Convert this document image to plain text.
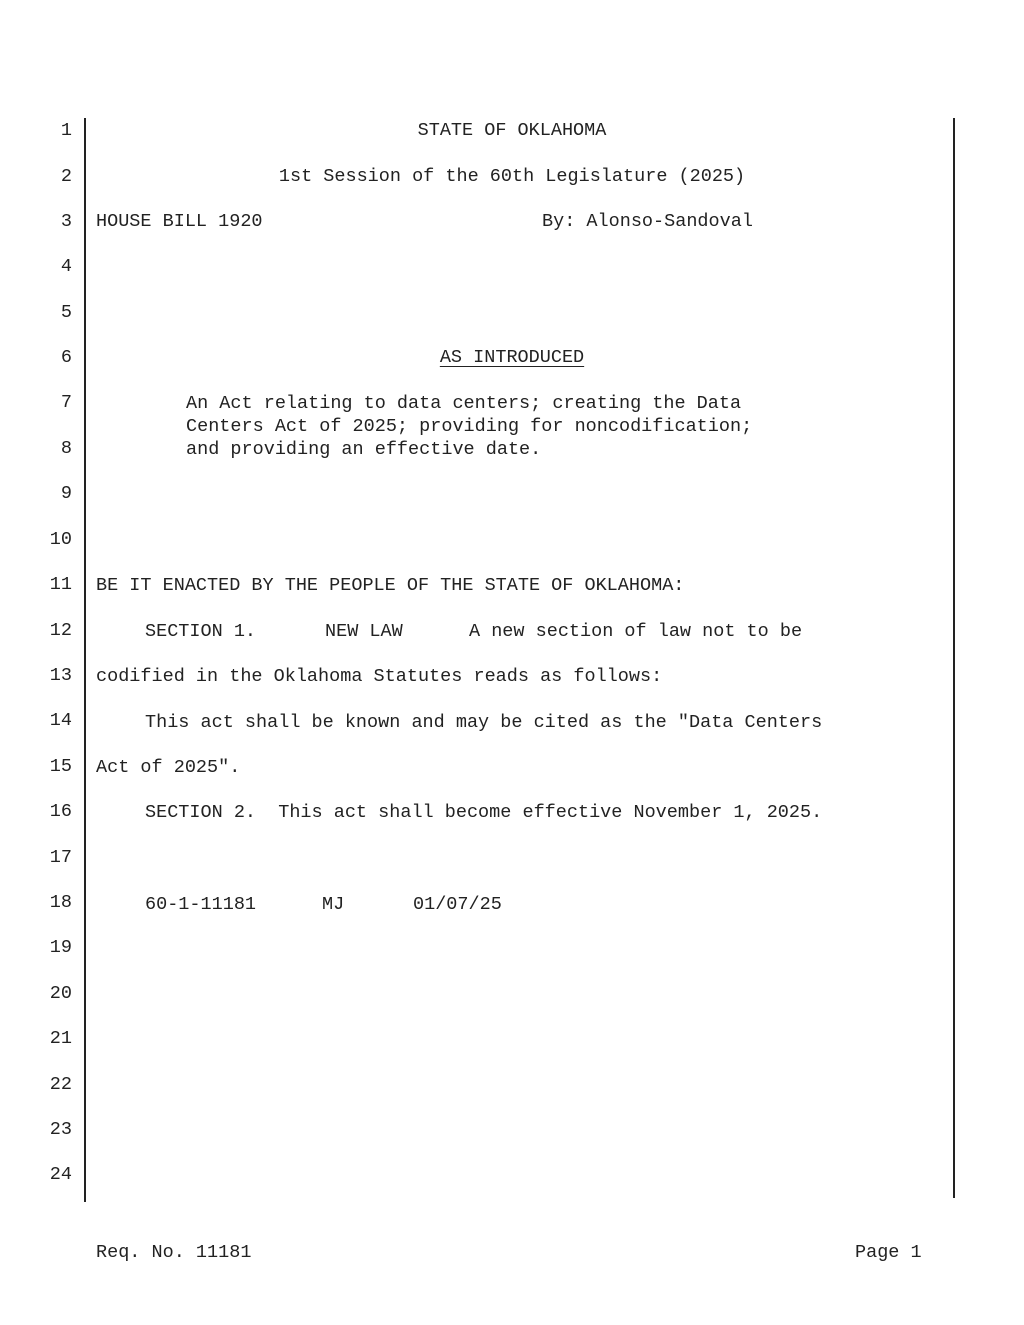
1
2
3
4
5
6
7
8
9
10
11
12
13
14
15
16
17
18
19
20
21
22
23
24
STATE OF OKLAHOMA
1st Session of the 60th Legislature (2025)
HOUSE BILL 1920	By: Alonso-Sandoval
AS INTRODUCED
An Act relating to data centers; creating the Data
Centers Act of 2025; providing for noncodification;
and providing an effective date.
BE IT ENACTED BY THE PEOPLE OF THE STATE OF OKLAHOMA:
SECTION 1.	NEW LAW	A new section of law not to be
codified in the Oklahoma Statutes reads as follows:
This act shall be known and may be cited as the "Data Centers
Act of 2025".
SECTION 2.  This act shall become effective November 1, 2025.
60-1-11181	MJ	01/07/25
Req. No. 11181	Page 1
